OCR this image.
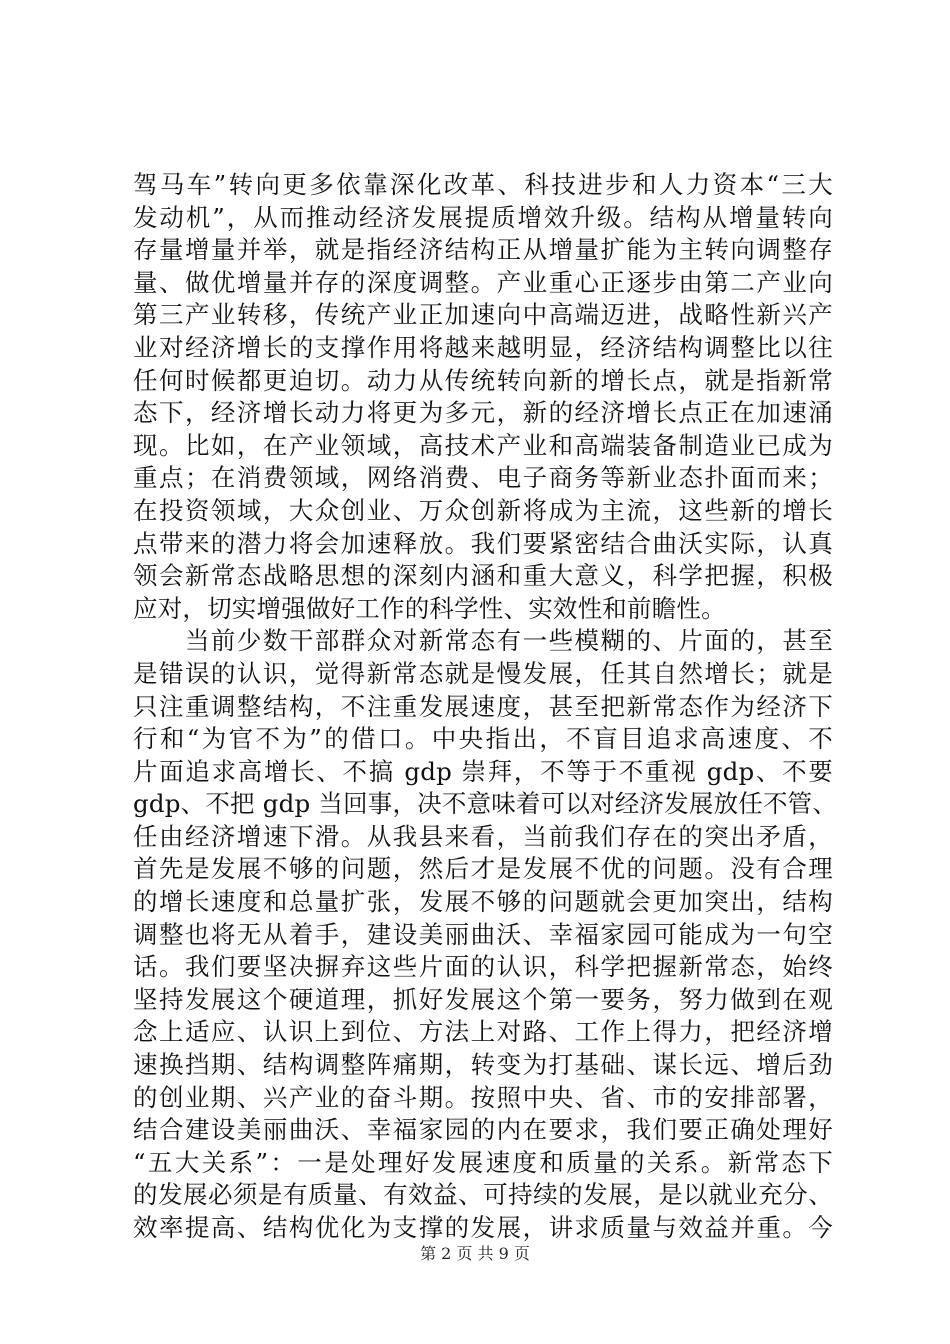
驾马车”转向更多依靠深化改革、科技进步和人力资本“三大
发动机”，从而推动经济发展提质增效升级。结构从增量转向
存量增量并举，就是指经济结构正从增量扩能为主转向调整存
量、做优增量并存的深度调整。产业重心正逐步由第二产业向
第三产业转移，传统产业正加速向中高端迈进，战略性新兴产
业对经济增长的支撑作用将越来越明显，经济结构调整比以往
任何时候都更迫切。动力从传统转向新的增长点，就是指新常
态下，经济增长动力将更为多元，新的经济增长点正在加速涌
现。比如，在产业领域，高技术产业和高端装备制造业已成为
重点；在消费领域，网络消费、电子商务等新业态扑面而来；
在投资领域，大众创业、万众创新将成为主流，这些新的增长
点带来的潜力将会加速释放。我们要紧密结合曲沃实际，认真
领会新常态战略思想的深刻内涵和重大意义，科学把握，积极
应对，切实增强做好工作的科学性、实效性和前瞻性。
　　当前少数干部群众对新常态有一些模糊的、片面的，甚至
是错误的认识，觉得新常态就是慢发展，任其自然增长；就是
只注重调整结构，不注重发展速度，甚至把新常态作为经济下
行和“为官不为”的借口。中央指出，不盲目追求高速度、不
片面追求高增长、不搞 gdp 崇拜，不等于不重视 gdp、不要
gdp、不把 gdp 当回事，决不意味着可以对经济发展放任不管、
任由经济增速下滑。从我县来看，当前我们存在的突出矛盾，
首先是发展不够的问题，然后才是发展不优的问题。没有合理
的增长速度和总量扩张，发展不够的问题就会更加突出，结构
调整也将无从着手，建设美丽曲沃、幸福家园可能成为一句空
话。我们要坚决摒弃这些片面的认识，科学把握新常态，始终
坚持发展这个硬道理，抓好发展这个第一要务，努力做到在观
念上适应、认识上到位、方法上对路、工作上得力，把经济增
速换挡期、结构调整阵痛期，转变为打基础、谋长远、增后劲
的创业期、兴产业的奋斗期。按照中央、省、市的安排部署，
结合建设美丽曲沃、幸福家园的内在要求，我们要正确处理好
“五大关系”：一是处理好发展速度和质量的关系。新常态下
的发展必须是有质量、有效益、可持续的发展，是以就业充分、
效率提高、结构优化为支撑的发展，讲求质量与效益并重。今
第 2 页 共 9 页
